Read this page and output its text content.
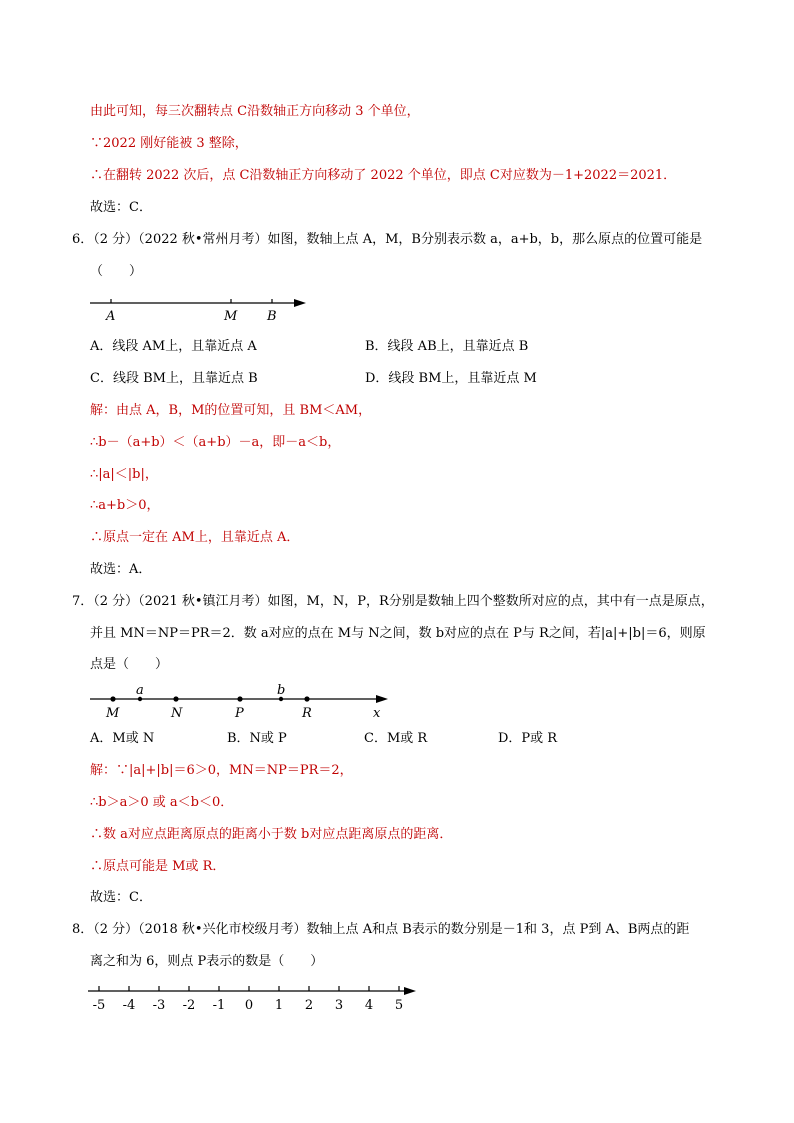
由此可知，每三次翻转点 C沿数轴正方向移动 3 个单位，
∵2022 刚好能被 3 整除，
∴在翻转 2022 次后，点 C沿数轴正方向移动了 2022 个单位，即点 C对应数为－1+2022＝2021．
故选：C．
6．（2 分）（2022 秋•常州月考）如图，数轴上点 A，M，B分别表示数 a，a+b，b，那么原点的位置可能是
（　　）
A	M B
A．线段 AM上，且靠近点 A	B．线段 AB上，且靠近点 B
C．线段 BM上，且靠近点 B	D．线段 BM上，且靠近点 M
解：由点 A，B，M的位置可知，且 BM＜AM，
∴b－（a+b）＜（a+b）－a，即－a＜b，
∴|a|＜|b|，
∴a+b＞0，
∴原点一定在 AM上，且靠近点 A．
故选：A．
7．（2 分）（2021 秋•镇江月考）如图，M，N，P，R分别是数轴上四个整数所对应的点，其中有一点是原点，
并且 MN＝NP＝PR＝2．数 a对应的点在 M与 N之间，数 b对应的点在 P与 R之间，若|a|+|b|＝6，则原
点是（　　）
a	b
M	N	P	R	x
A．M或 N	B．N或 P	C．M或 R	D．P或 R
解：∵|a|+|b|＝6＞0，MN＝NP＝PR＝2，
∴b＞a＞0 或 a＜b＜0．
∴数 a对应点距离原点的距离小于数 b对应点距离原点的距离．
∴原点可能是 M或 R．
故选：C．
8．（2 分）（2018 秋•兴化市校级月考）数轴上点 A和点 B表示的数分别是－1和 3，点 P到 A、B两点的距
离之和为 6，则点 P表示的数是（　　）
-5 -4 -3 -2 -1 0 1 2 3 4 5
